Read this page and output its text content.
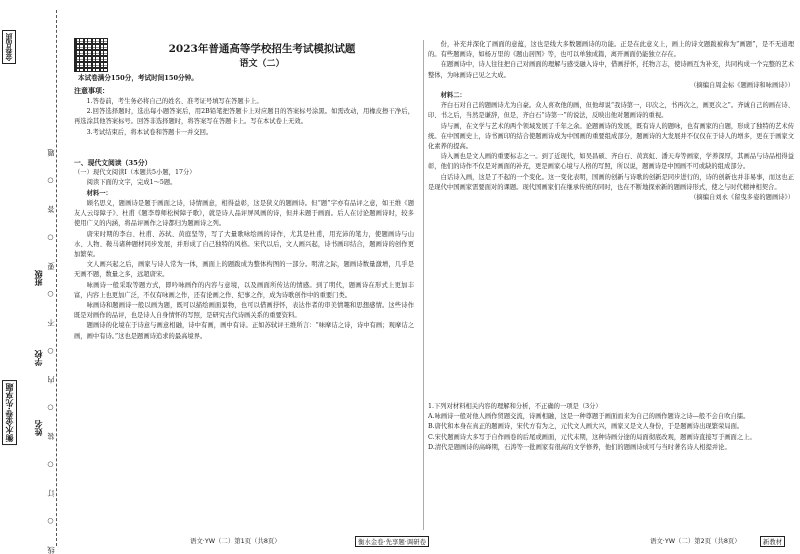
线 ○ 订 ○ 装 ○ 内 ○ 不 ○ 要 ○ 答 ○ 题
班级
学校
姓名
衡水金卷·先享题
金卷品质	2023年普通高等学校招生考试模拟试题
语文（二）
本试卷满分150分，考试时间150分钟。
注意事项：

1.答卷前，考生务必将自己的姓名、准考证号填写在答题卡上。

2.回答选择题时，选出每小题答案后，用2B铅笔把答题卡上对应题目的答案标号涂黑。如需改动，用橡皮擦干净后，再选涂其他答案标号。回答非选择题时，将答案写在答题卡上。写在本试卷上无效。

3.考试结束后，将本试卷和答题卡一并交回。

一、现代文阅读（35分）

（一）现代文阅读Ⅰ（本题共5小题，17分）

阅读下面的文字，完成1～5题。

材料一：

顾名思义，题画诗是题于画面之诗，诗情画意，相得益彰，这是狭义的题画诗。但“题”字亦有品评之意，如王维《题友人云母障子》、杜甫《题李尊师松树障子歌》，就是诗人品评屏风画的诗，但并未题于画面。后人在讨论题画诗时，较多使用广义的内涵，将品评画作之诗都归为题画诗之列。

唐宋时期的李白、杜甫、苏轼、黄庭坚等，写了大量歌咏绘画的诗作，尤其是杜甫，用充沛的笔力，使题画诗与山水、人物、鞍马诸种题材同步发展，并形成了自己独特的风格。宋代以后，文人画兴起，诗书画印结合，题画诗的创作更加繁荣。

文人画兴起之后，画家与诗人常为一体，画面上的题跋成为整体构图的一部分。明清之际，题画诗数量激增，几乎是无画不题，数量之多，远超唐宋。

咏画诗一般采取等题方式，即吟咏画作的内容与意境，以及画面所传达的情感。到了明代，题画诗在形式上更加丰富，内容上也更加广泛，不仅有咏画之作，还有论画之作、纪事之作，成为诗歌创作中的重要门类。

咏画诗和题画诗一般以画为题，既可以描绘画面景物，也可以借画抒怀，表达作者的审美情趣和思想感情。这些诗作既是对画作的品评，也是诗人自身情怀的写照，是研究古代诗画关系的重要资料。

题画诗的化境在于诗意与画意相融，诗中有画，画中有诗。正如苏轼评王维所言：“味摩诘之诗，诗中有画；观摩诘之画，画中有诗。”这也是题画诗追求的最高境界。

份，补充并深化了画面的意蕴，这也是线大多数题画诗的功能。正是在此意义上，画上的诗文题跋被称为“画题”，是不无道理的。有些题画诗，如杨万里的《题山居图》等，也可以单独成篇，离开画面仍能独立存在。

在题画诗中，诗人往往把自己对画面的理解与感受融入诗中，借画抒怀，托物言志，使诗画互为补充，共同构成一个完整的艺术整体，为咏画诗已见之大成。

（摘编自周金标《题画诗和咏画诗》）

材料二：

齐白石对自己的题画诗尤为自豪。众人喜欢他的画，但他却说“我诗第一，印次之，书再次之，画更次之”。齐诚自己的画在诗、印、书之后，当然是谦辞，但是，齐白石“诗第一”的说法，反映出他对题画诗的重视。

诗与画，在文学与艺术的两个领域发展了千年之余。论题画诗的发展，既有诗人的题咏，也有画家的自题，形成了独特的艺术传统。在中国画史上，诗书画印的结合使题画诗成为中国画的重要组成部分，题画诗的大发展并不仅仅在于诗人的增多，更在于画家文化素养的提高。

诗入画也是文人画的重要标志之一。到了近现代，如吴昌硕、齐白石、黄宾虹、潘天寿等画家，学养深厚，其画品与诗品相得益彰，他们的诗作不仅是对画面的补充，更是画家心境与人格的写照，所以说，题画诗是中国画不可或缺的组成部分。

白话诗入画，这是了不起的一个变化。这一变化表明，国画的创新与诗歌的创新是同步进行的，诗的创新也并非易事，而这也正是现代中国画家需要面对的课题。现代国画家们在继承传统的同时，也在不断地探索新的题画诗形式，使之与时代精神相契合。

（摘编自刘永《留曳多姿的题画诗》）

1.下列对材料相关内容的理解和分析，不正确的一项是（3分）

A.咏画诗一般对他人画作贸题交流，诗画相融，这是一种尊题于画面而来为自己的画作题诗之诗—般不会自吹自擂。

B.唐代和本身在真正的题画诗，宋代方有为之，元代文人画大兴，画家又是文人身份，于是题画诗出现繁荣局面。

C.宋代题画诗大多写于自作画卷的后尾或画面，元代末期，这种诗画分途的局面彻底改观，题画诗直接写于画面之上。

D.清代是题画诗的高峰期，石涛等一批画家有很高的文学修养，他们的题画诗成可与当时著名诗人相提并论。

语文·YW（二）第1页（共8页）	衡水金卷·先享题·调研卷	语文·YW（二）第2页（共8页）	新教材
